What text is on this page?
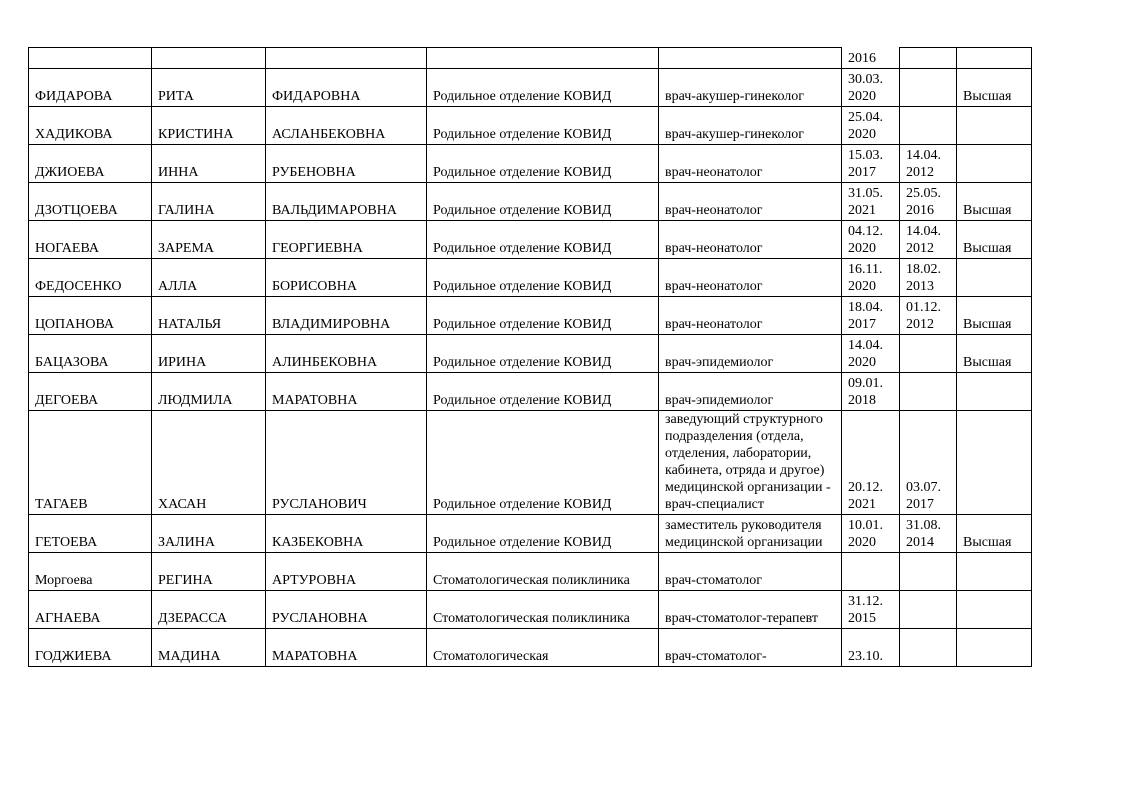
					2016		
ФИДАРОВА	РИТА	ФИДАРОВНА	Родильное отделение КОВИД	врач-акушер-гинеколог	30.03. 2020		Высшая
ХАДИКОВА	КРИСТИНА	АСЛАНБЕКОВНА	Родильное отделение КОВИД	врач-акушер-гинеколог	25.04. 2020		
ДЖИОЕВА	ИННА	РУБЕНОВНА	Родильное отделение КОВИД	врач-неонатолог	15.03. 2017	14.04. 2012	
ДЗОТЦОЕВА	ГАЛИНА	ВАЛЬДИМАРОВНА	Родильное отделение КОВИД	врач-неонатолог	31.05. 2021	25.05. 2016	Высшая
НОГАЕВА	ЗАРЕМА	ГЕОРГИЕВНА	Родильное отделение КОВИД	врач-неонатолог	04.12. 2020	14.04. 2012	Высшая
ФЕДОСЕНКО	АЛЛА	БОРИСОВНА	Родильное отделение КОВИД	врач-неонатолог	16.11. 2020	18.02. 2013	
ЦОПАНОВА	НАТАЛЬЯ	ВЛАДИМИРОВНА	Родильное отделение КОВИД	врач-неонатолог	18.04. 2017	01.12. 2012	Высшая
БАЦАЗОВА	ИРИНА	АЛИНБЕКОВНА	Родильное отделение КОВИД	врач-эпидемиолог	14.04. 2020		Высшая
ДЕГОЕВА	ЛЮДМИЛА	МАРАТОВНА	Родильное отделение КОВИД	врач-эпидемиолог	09.01. 2018		
ТАГАЕВ	ХАСАН	РУСЛАНОВИЧ	Родильное отделение КОВИД	заведующий структурного подразделения (отдела, отделения, лаборатории, кабинета, отряда и другое) медицинской организации - врач-специалист	20.12. 2021	03.07. 2017	
ГЕТОЕВА	ЗАЛИНА	КАЗБЕКОВНА	Родильное отделение КОВИД	заместитель руководителя медицинской организации	10.01. 2020	31.08. 2014	Высшая
Моргоева	РЕГИНА	АРТУРОВНА	Стоматологическая поликлиника	врач-стоматолог			
АГНАЕВА	ДЗЕРАССА	РУСЛАНОВНА	Стоматологическая поликлиника	врач-стоматолог-терапевт	31.12. 2015		
ГОДЖИЕВА	МАДИНА	МАРАТОВНА	Стоматологическая	врач-стоматолог-	23.10.		
